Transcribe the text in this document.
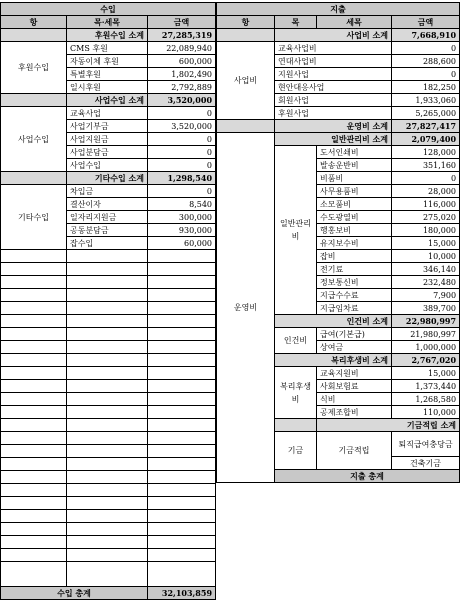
수입		
항	목·세목	금액
	후원수입 소계	27,285,319
후원수입	CMS 후원	22,089,940
	자동이체 후원	600,000
	특별후원	1,802,490
	일시후원	2,792,889
	사업수입 소계	3,520,000
사업수입	교육사업	0
	사업기부금	3,520,000
	사업지원금	0
	사업분담금	0
	사업수입	0
	기타수입 소계	1,298,540
기타수입	차입금	0
	결산이자	8,540
	일자리지원금	300,000
	공동분담금	930,000
	잡수입	60,000

수입 총계		32,103,859
지출				
항	목	세목	금액	
	사업비 소계		7,668,910	
사업비	교육사업비		0	
	연대사업비		288,600	
	지원사업		0	
	현안대응사업		182,250	
	회원사업		1,933,060	
	후원사업		5,265,000	
	운영비 소계		27,827,417	
운영비	일반관리비 소계		2,079,400	
	일반관리비	도서인쇄비	128,000	
		발송운반비	351,160	
		비품비	0	
		사무용품비	28,000	
		소모품비	116,000	
		수도광열비	275,020	
		행홍보비	180,000	
		유지보수비	15,000	
		잡비	10,000	
		전기료	346,140	
		정보통신비	232,480	
		지급수수료	7,900	
		지급임차료	389,700	
	인건비 소계		22,980,997	
	인건비	급여(기본급)	21,980,997	
		상여금	1,000,000	
	복리후생비 소계		2,767,020	
	복리후생비	교육지원비	15,000	
		사회보험료	1,373,440	
		식비	1,268,580	
		공제조합비	110,000	
		기금적립 소계	
	기금	기금적립	퇴직급여충당금	
			건축기금	
	지출 총계	
